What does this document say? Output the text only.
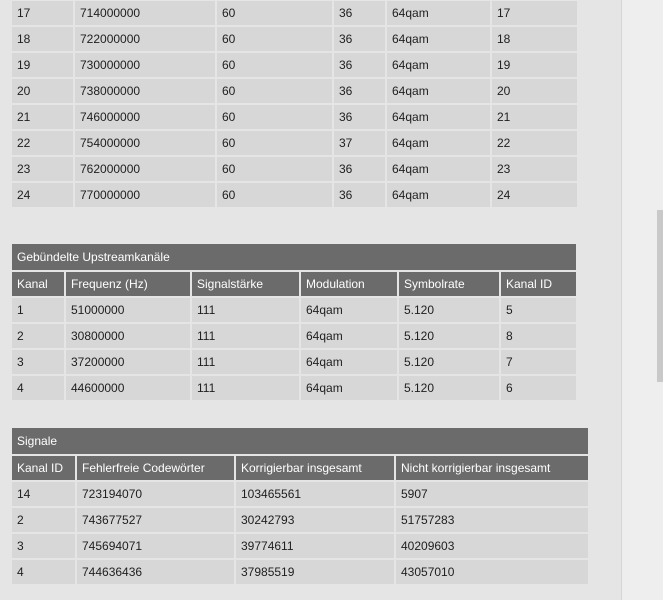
17	714000000	60	36	64qam	17
18	722000000	60	36	64qam	18
19	730000000	60	36	64qam	19
20	738000000	60	36	64qam	20
21	746000000	60	36	64qam	21
22	754000000	60	37	64qam	22
23	762000000	60	36	64qam	23
24	770000000	60	36	64qam	24
Gebündelte Upstreamkanäle					
Kanal	Frequenz (Hz)	Signalstärke	Modulation	Symbolrate	Kanal ID
1	51000000	111	64qam	5.120	5
2	30800000	111	64qam	5.120	8
3	37200000	111	64qam	5.120	7
4	44600000	111	64qam	5.120	6
Signale			
Kanal ID	Fehlerfreie Codewörter	Korrigierbar insgesamt	Nicht korrigierbar insgesamt
14	723194070	103465561	5907
2	743677527	30242793	51757283
3	745694071	39774611	40209603
4	744636436	37985519	43057010
